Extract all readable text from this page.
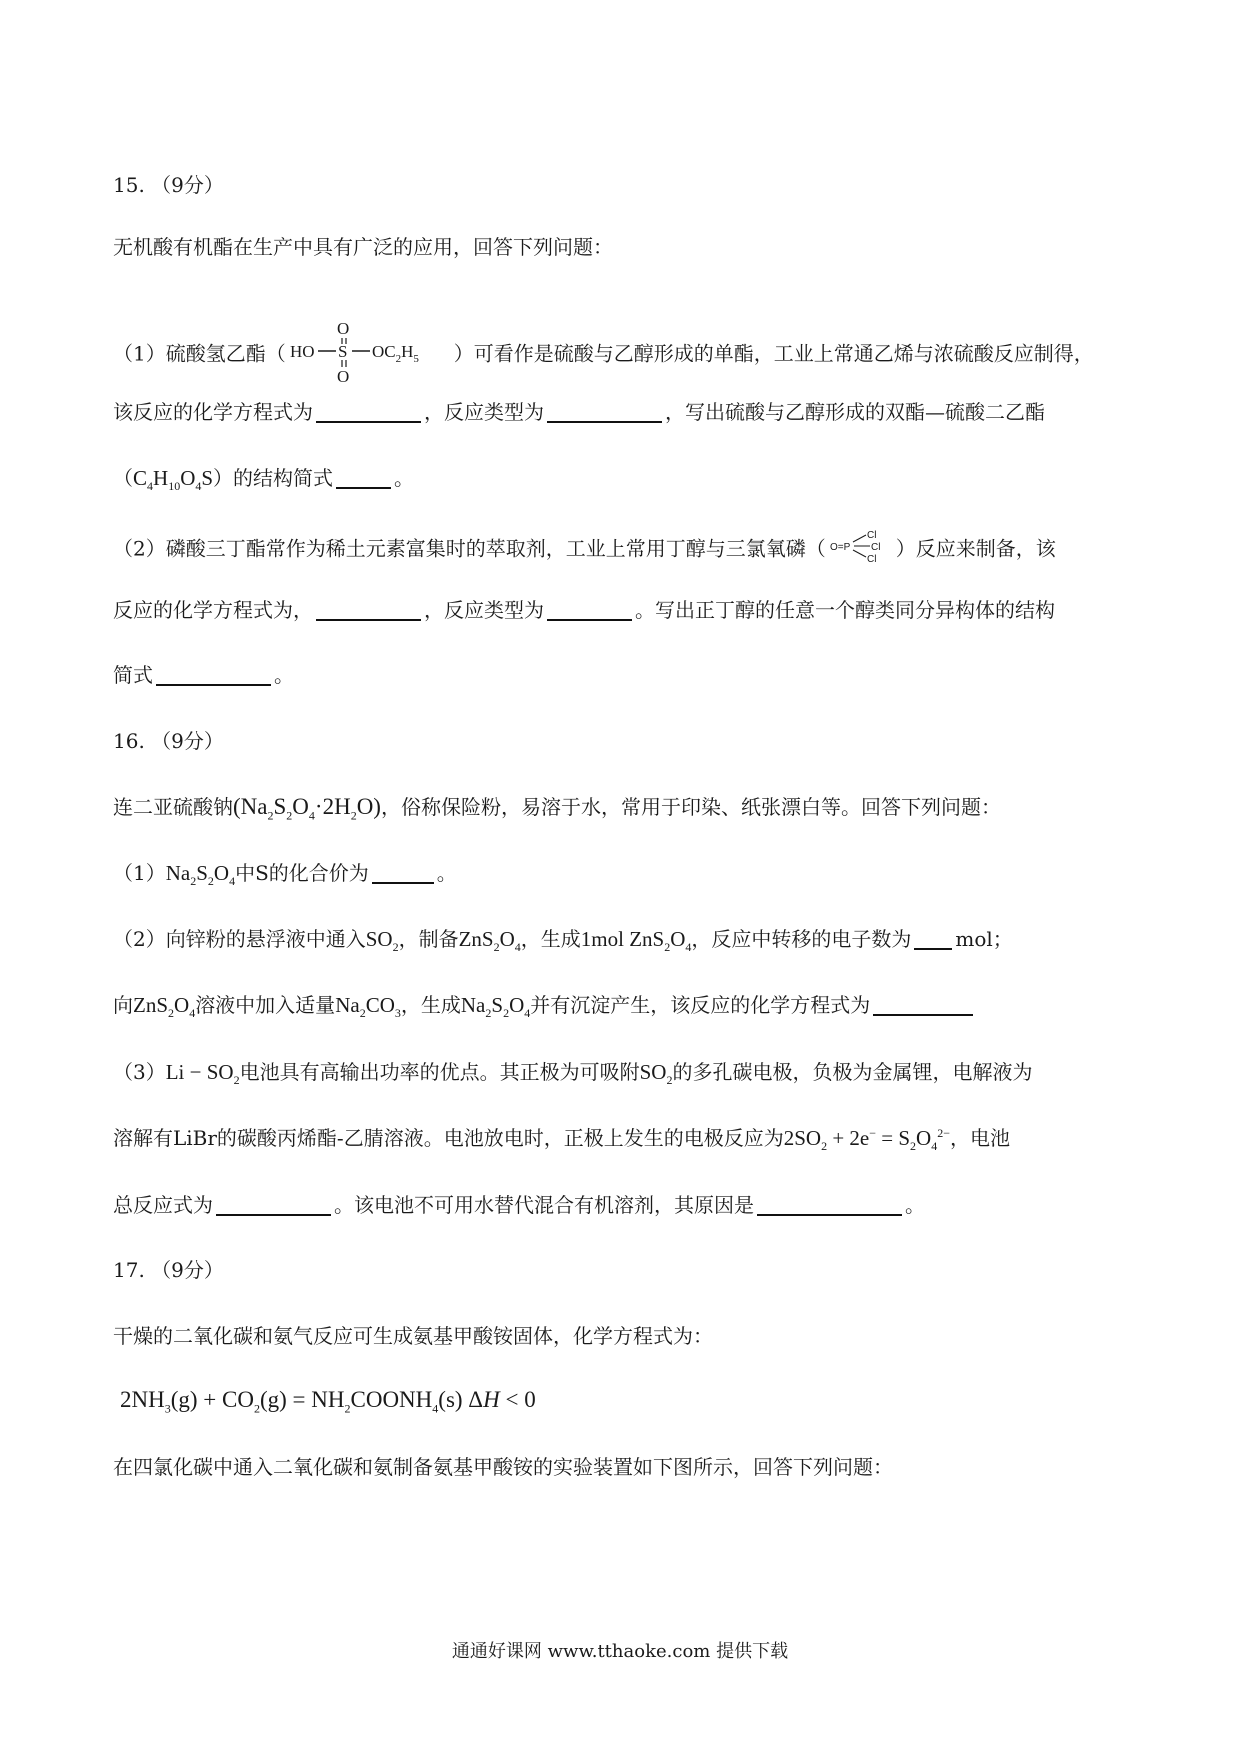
15. （9分）
无机酸有机酯在生产中具有广泛的应用，回答下列问题：
（1）硫酸氢乙酯（ HO S
O
O
$OC_2H_5$ ）可看作是硫酸与乙醇形成的单酯，工业上常通乙烯与浓硫酸反应制得，
该反应的化学方程式为	，反应类型为	，写出硫酸与乙醇形成的双酯—硫酸二乙酯
$(C_4H_{10}O_4S)$的结构简式	。
（2）磷酸三丁酯常作为稀土元素富集时的萃取剂，工业上常用丁醇与三氯氧磷（ O=P
Cl
Cl
Cl ）反应来制备，该
反应的化学方程式为，	，反应类型为	。写出正丁醇的任意一个醇类同分异构体的结构
简式	。
16. （9分）
连二亚硫酸钠$(Na_2S_2O_4\cdot 2H_2O)$，俗称保险粉，易溶于水，常用于印染、纸张漂白等。回答下列问题：
$(1)Na_2S_2O_4$中S的化合价为	。
（2）向锌粉的悬浮液中通入$SO_2$，制备$ZnS_2O_4$，生成1mol $ZnS_2O_4$，反应中转移的电子数为 mol；
向$ZnS_2O_4$溶液中加入适量$Na_2CO_3$，生成$Na_2S_2O_4$并有沉淀产生，该反应的化学方程式为
$(3)Li - SO_2$电池具有高输出功率的优点。其正极为可吸附$SO_2$的多孔碳电极，负极为金属锂，电解液为
溶解有LiBr的碳酸丙烯酯-乙腈溶液。电池放电时，正极上发生的电极反应为$2SO_2 + 2e^- = S_2O_4^{2-}$，电池
总反应式为	。该电池不可用水替代混合有机溶剂，其原因是	。
17. （9分）
干燥的二氧化碳和氨气反应可生成氨基甲酸铵固体，化学方程式为：
$2NH_3(g) + CO_2(g)$ = $NH_2COONH_4(s) \Delta H < 0$
在四氯化碳中通入二氧化碳和氨制备氨基甲酸铵的实验装置如下图所示，回答下列问题：
通通好课网 www.tthaoke.com 提供下载
